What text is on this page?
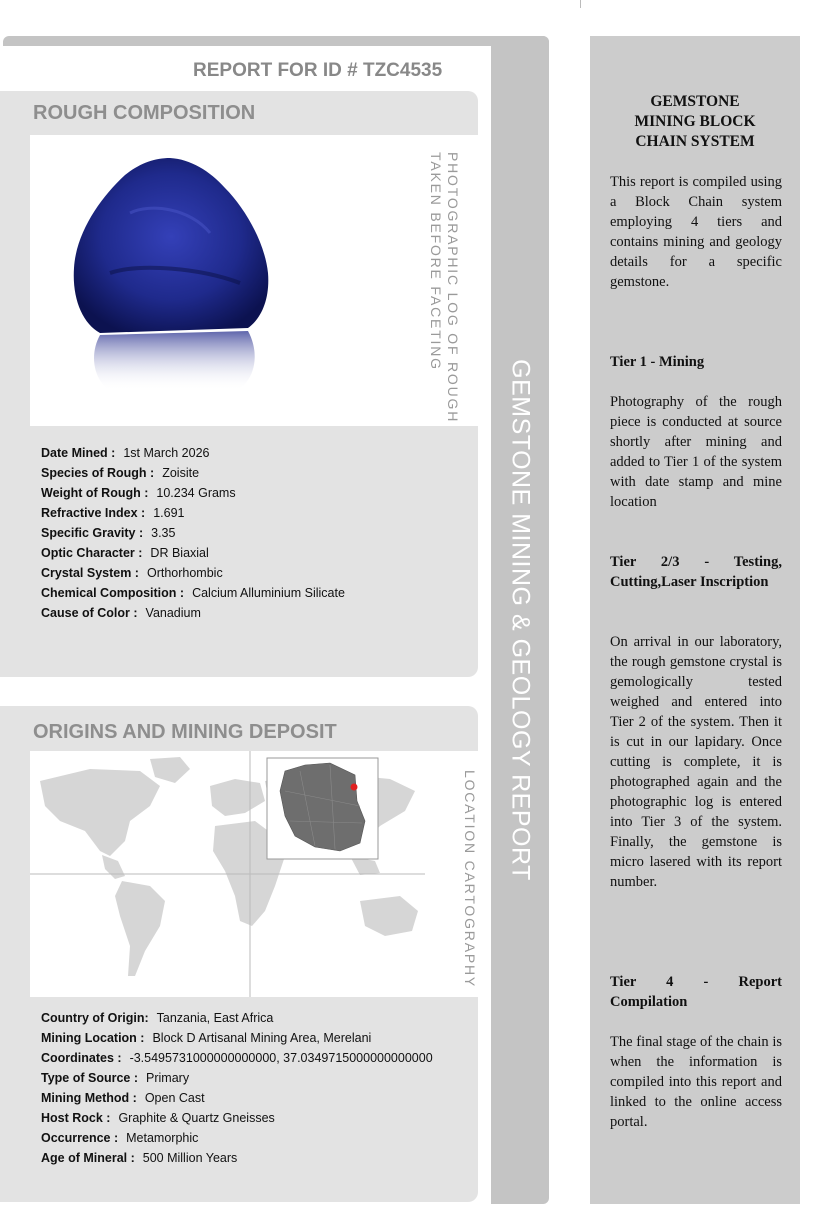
GEMSTONE MINING & GEOLOGY REPORT
REPORT FOR ID # TZC4535
ROUGH COMPOSITION
PHOTOGRAPHIC LOG OF ROUGH
TAKEN BEFORE FACETING
Date Mined : 1st March 2026
Species of Rough : Zoisite
Weight of Rough : 10.234 Grams
Refractive Index : 1.691
Specific Gravity : 3.35
Optic Character : DR Biaxial
Crystal System : Orthorhombic
Chemical Composition : Calcium Alluminium Silicate
Cause of Color : Vanadium
ORIGINS AND MINING DEPOSIT
LOCATION CARTOGRAPHY
Country of Origin: Tanzania, East Africa
Mining Location : Block D Artisanal Mining Area, Merelani
Coordinates : -3.5495731000000000000, 37.0349715000000000000
Type of Source : Primary
Mining Method : Open Cast
Host Rock : Graphite & Quartz Gneisses
Occurrence : Metamorphic
Age of Mineral : 500 Million Years
GEMSTONE MINING BLOCK CHAIN SYSTEM
This report is compiled using a Block Chain system employing 4 tiers and contains mining and geology details for a specific gemstone.
Tier 1 - Mining
Photography of the rough piece is conducted at source shortly after mining and added to Tier 1 of the system with date stamp and mine location
Tier 2/3 - Testing, Cutting,Laser Inscription
On arrival in our laboratory, the rough gemstone crystal is gemologically tested weighed and entered into Tier 2 of the system. Then it is cut in our lapidary. Once cutting is complete, it is photographed again and the photographic log is entered into Tier 3 of the system. Finally, the gemstone is micro lasered with its report number.
Tier 4 - Report Compilation
The final stage of the chain is when the information is compiled into this report and linked to the online access portal.
